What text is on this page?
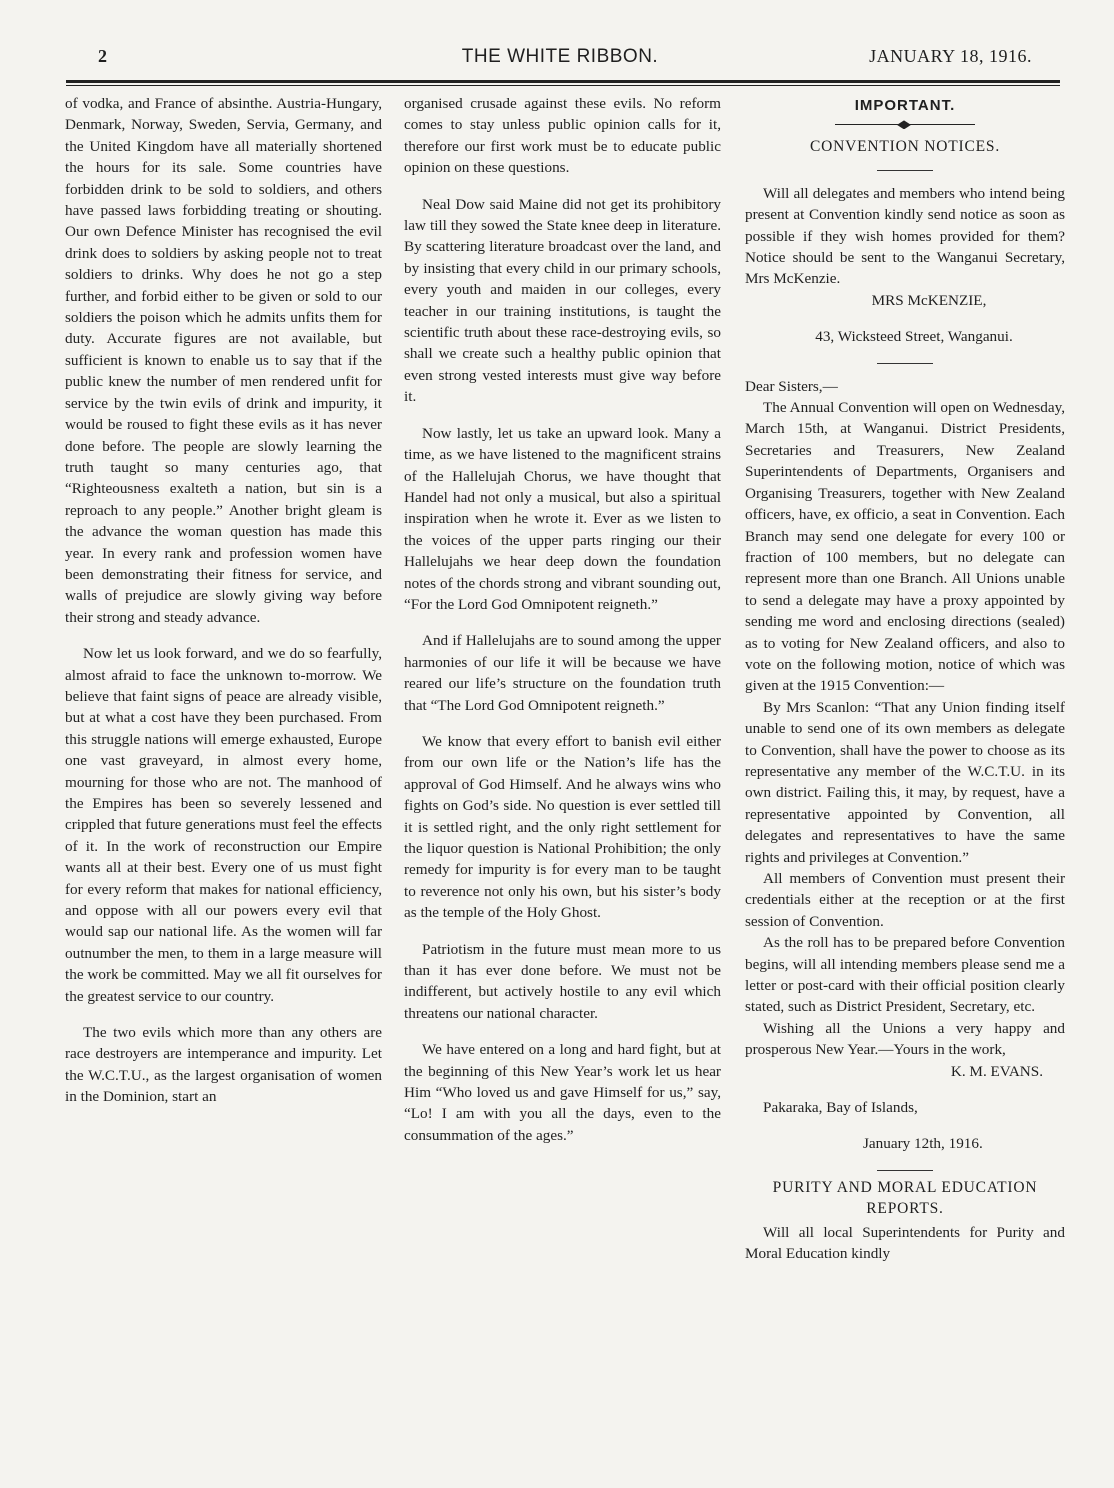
2	THE WHITE RIBBON.	JANUARY 18, 1916.

of vodka, and France of absinthe. Austria-Hungary, Denmark, Norway, Sweden, Servia, Germany, and the United Kingdom have all materially shortened the hours for its sale. Some countries have forbidden drink to be sold to soldiers, and others have passed laws forbidding treating or shouting. Our own Defence Minister has recognised the evil drink does to soldiers by asking people not to treat soldiers to drinks. Why does he not go a step further, and forbid either to be given or sold to our soldiers the poison which he admits unfits them for duty. Accurate figures are not available, but sufficient is known to enable us to say that if the public knew the number of men rendered unfit for service by the twin evils of drink and impurity, it would be roused to fight these evils as it has never done before. The people are slowly learning the truth taught so many centuries ago, that “Righteousness exalteth a nation, but sin is a reproach to any people.” Another bright gleam is the advance the woman question has made this year. In every rank and profession women have been demonstrating their fitness for service, and walls of prejudice are slowly giving way before their strong and steady advance.

Now let us look forward, and we do so fearfully, almost afraid to face the unknown to-morrow. We believe that faint signs of peace are already visible, but at what a cost have they been purchased. From this struggle nations will emerge exhausted, Europe one vast graveyard, in almost every home, mourning for those who are not. The manhood of the Empires has been so severely lessened and crippled that future generations must feel the effects of it. In the work of reconstruction our Empire wants all at their best. Every one of us must fight for every reform that makes for national efficiency, and oppose with all our powers every evil that would sap our national life. As the women will far outnumber the men, to them in a large measure will the work be committed. May we all fit ourselves for the greatest service to our country.

The two evils which more than any others are race destroyers are intemperance and impurity. Let the W.C.T.U., as the largest organisation of women in the Dominion, start an

organised crusade against these evils. No reform comes to stay unless public opinion calls for it, therefore our first work must be to educate public opinion on these questions.

Neal Dow said Maine did not get its prohibitory law till they sowed the State knee deep in literature. By scattering literature broadcast over the land, and by insisting that every child in our primary schools, every youth and maiden in our colleges, every teacher in our training institutions, is taught the scientific truth about these race-destroying evils, so shall we create such a healthy public opinion that even strong vested interests must give way before it.

Now lastly, let us take an upward look. Many a time, as we have listened to the magnificent strains of the Hallelujah Chorus, we have thought that Handel had not only a musical, but also a spiritual inspiration when he wrote it. Ever as we listen to the voices of the upper parts ringing our their Hallelujahs we hear deep down the foundation notes of the chords strong and vibrant sounding out, “For the Lord God Omnipotent reigneth.”

And if Hallelujahs are to sound among the upper harmonies of our life it will be because we have reared our life’s structure on the foundation truth that “The Lord God Omnipotent reigneth.”

We know that every effort to banish evil either from our own life or the Nation’s life has the approval of God Himself. And he always wins who fights on God’s side. No question is ever settled till it is settled right, and the only right settlement for the liquor question is National Prohibition; the only remedy for impurity is for every man to be taught to reverence not only his own, but his sister’s body as the temple of the Holy Ghost.

Patriotism in the future must mean more to us than it has ever done before. We must not be indifferent, but actively hostile to any evil which threatens our national character.

We have entered on a long and hard fight, but at the beginning of this New Year’s work let us hear Him “Who loved us and gave Himself for us,” say, “Lo! I am with you all the days, even to the consummation of the ages.”

IMPORTANT.
CONVENTION NOTICES.

Will all delegates and members who intend being present at Convention kindly send notice as soon as possible if they wish homes provided for them? Notice should be sent to the Wanganui Secretary, Mrs McKenzie.

MRS McKENZIE,

43, Wicksteed Street, Wanganui.

Dear Sisters,—

The Annual Convention will open on Wednesday, March 15th, at Wanganui. District Presidents, Secretaries and Treasurers, New Zealand Superintendents of Departments, Organisers and Organising Treasurers, together with New Zealand officers, have, ex officio, a seat in Convention. Each Branch may send one delegate for every 100 or fraction of 100 members, but no delegate can represent more than one Branch. All Unions unable to send a delegate may have a proxy appointed by sending me word and enclosing directions (sealed) as to voting for New Zealand officers, and also to vote on the following motion, notice of which was given at the 1915 Convention:—

By Mrs Scanlon: “That any Union finding itself unable to send one of its own members as delegate to Convention, shall have the power to choose as its representative any member of the W.C.T.U. in its own district. Failing this, it may, by request, have a representative appointed by Convention, all delegates and representatives to have the same rights and privileges at Convention.”

All members of Convention must present their credentials either at the reception or at the first session of Convention.

As the roll has to be prepared before Convention begins, will all intending members please send me a letter or post-card with their official position clearly stated, such as District President, Secretary, etc.

Wishing all the Unions a very happy and prosperous New Year.—Yours in the work,

K. M. EVANS.

Pakaraka, Bay of Islands,

January 12th, 1916.

PURITY AND MORAL EDUCATION REPORTS.

Will all local Superintendents for Purity and Moral Education kindly
